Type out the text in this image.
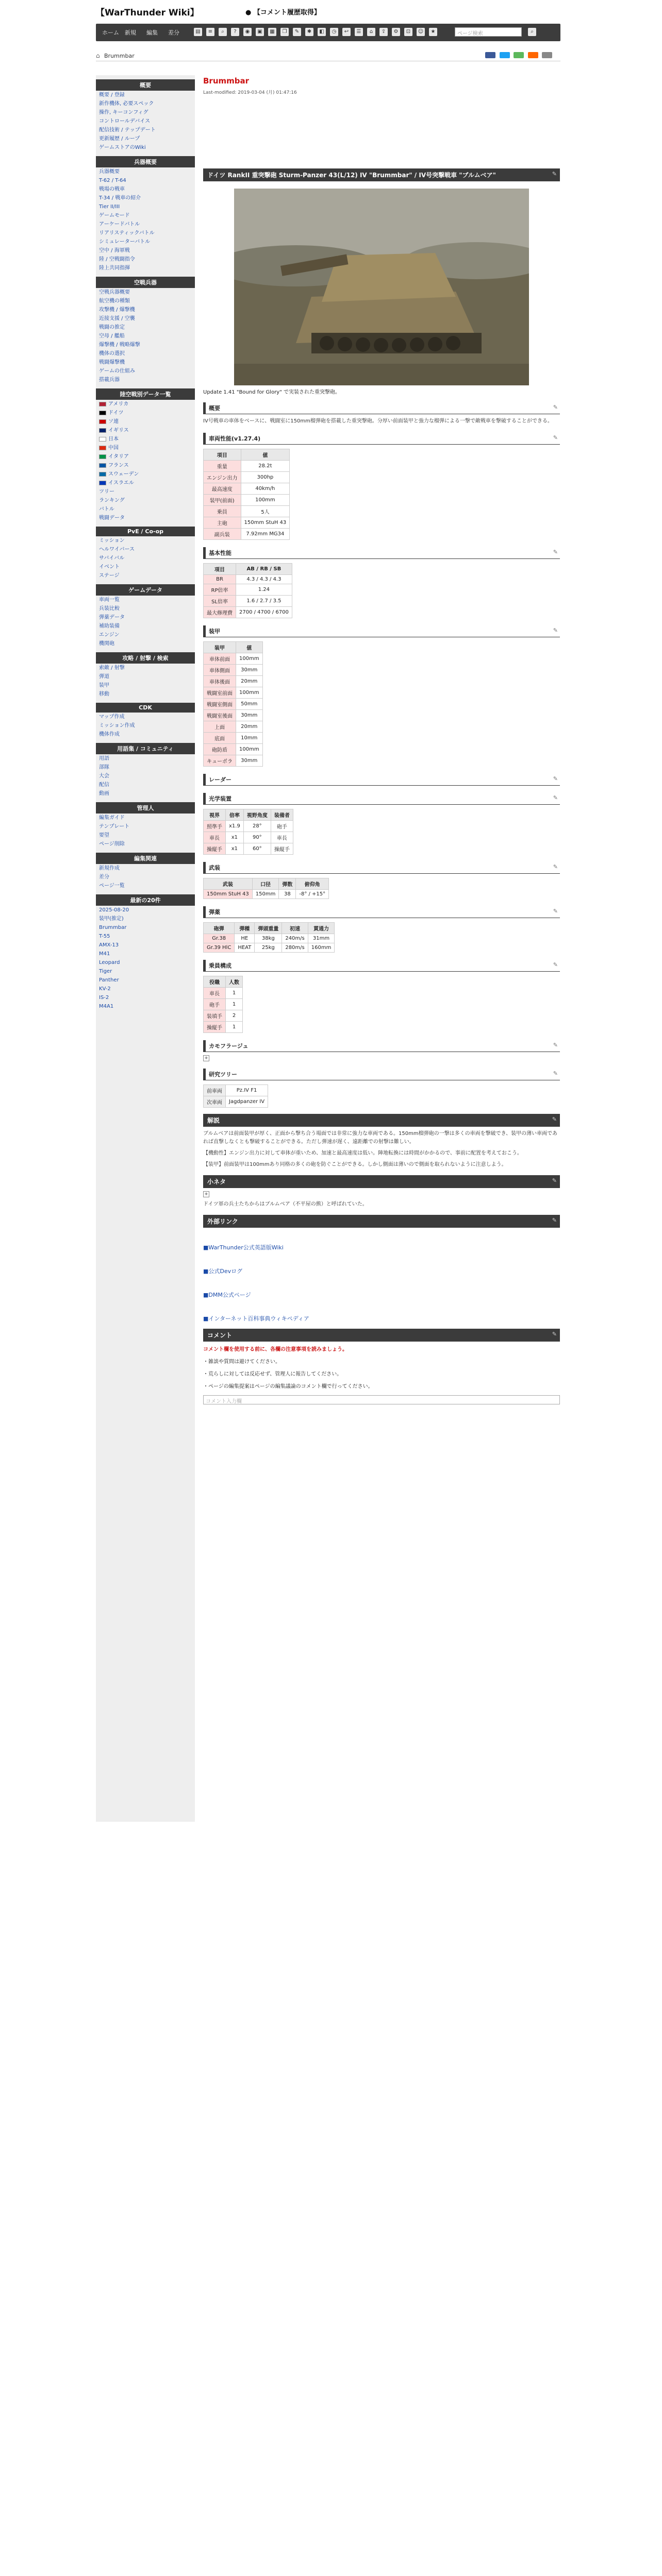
【WarThunder Wiki】	● 【コメント履歴取得】
ホーム 新規 編集 差分	▤	≡	⌕	?	◉	▣	▦	❐	✎	✱	◧	◷	↩	☰	⌂	⇪	⚙	⊡	☺	★	ページ検索	⌕
⌂ Brummbar

概要
概要 / 登録
新作機体, 必要スペック
操作, キーコンフィグ
コントロールデバイス
配信技術 / テップデート
更新履歴 / ループ
ゲームストアのWiki
兵器概要
兵器概要
T-62 / T-64
戦場の戦車
T-34 / 戦車の紹介
Tier II/III
ゲームモード
アーケードバトル
リアリスティックバトル
シミュレーターバトル
空中 / 海軍戦
陸 / 空戦闘指令
陸上共同指揮
空戦兵器
空戦兵器概要
航空機の種類
攻撃機 / 爆撃機
近接支援 / 空襲
戦闘の推定
空母 / 艦船
爆撃機 / 戦略爆撃
機体の選択
戦闘爆撃機
ゲームの仕組み
搭載兵器
陸空戦別データ一覧
アメリカ
ドイツ
ソ連
イギリス
日本
中国
イタリア
フランス
スウェーデン
イスラエル
ツリー
ランキング
バトル
戦闘データ
PvE / Co-op
ミッション
ヘルワイバース
サバイバル
イベント
ステージ
ゲームデータ
車両一覧
兵装比較
弾薬データ
補助装備
エンジン
機関砲
攻略 / 射撃 / 検索
索敵 / 射撃
弾道
装甲
移動
CDK
マップ作成
ミッション作成
機体作成
用語集 / コミュニティ
用語
部隊
大会
配信
動画
管理人
編集ガイド
テンプレート
要望
ページ削除
編集関連
新規作成
差分
ページ一覧
最新の20件
2025-08-20
装甲(推定)
Brummbar
T-55
AMX-13
M41
Leopard
Tiger
Panther
KV-2
IS-2
M4A1
Brummbar
Last-modified: 2019-03-04 (月) 01:47:16
ドイツ RankII 重突撃砲 Sturm-Panzer 43(L/12) IV "Brummbar" / IV号突撃戦車 "ブルムベア"	✎
Update 1.41 "Bound for Glory" で実装された重突撃砲。
概要	✎

IV号戦車の車体をベースに、戦闘室に150mm榴弾砲を搭載した重突撃砲。分厚い前面装甲と強力な榴弾による一撃で敵戦車を撃破することができる。

車両性能(v1.27.4)	✎
項目	値
重量	28.2t
エンジン出力	300hp
最高速度	40km/h
装甲(前面)	100mm
乗員	5人
主砲	150mm StuH 43
副兵装	7.92mm MG34
基本性能	✎
項目	AB / RB / SB
BR	4.3 / 4.3 / 4.3
RP倍率	1.24
SL倍率	1.6 / 2.7 / 3.5
最大修理費	2700 / 4700 / 6700
装甲	✎
装甲	値
車体前面	100mm
車体側面	30mm
車体後面	20mm
戦闘室前面	100mm
戦闘室側面	50mm
戦闘室後面	30mm
上面	20mm
底面	10mm
砲防盾	100mm
キューポラ	30mm
レーダー	✎
光学装置	✎
視界	倍率	視野角度	装備者
照準手	x1.9	28°	砲手
車長	x1	90°	車長
操縦手	x1	60°	操縦手
武装	✎
武装	口径	弾数	俯仰角
150mm StuH 43	150mm	38	-8° / +15°
弾薬	✎
砲弾	弾種	弾頭重量	初速	貫通力
Gr.38	HE	38kg	240m/s	31mm
Gr.39 HlC	HEAT	25kg	280m/s	160mm
乗員構成	✎
役職	人数
車長	1
砲手	1
装填手	2
操縦手	1
カモフラージュ	✎
+
研究ツリー	✎
前車両	Pz.IV F1
次車両	Jagdpanzer IV
解説	✎

ブルムベアは前面装甲が厚く、正面から撃ち合う場面では非常に強力な車両である。150mm榴弾砲の一撃は多くの車両を撃破でき、装甲の薄い車両であれば直撃しなくとも撃破することができる。ただし弾速が遅く、遠距離での射撃は難しい。

【機動性】エンジン出力に対して車体が重いため、加速と最高速度は低い。陣地転換には時間がかかるので、事前に配置を考えておこう。

【装甲】前面装甲は100mmあり同格の多くの砲を防ぐことができる。しかし側面は薄いので側面を取られないように注意しよう。

小ネタ	✎
+

ドイツ軍の兵士たちからはブルムベア（不平屋の熊）と呼ばれていた。

外部リンク	✎
■WarThunder公式英語版Wiki
■公式Devログ
■DMM公式ページ
■インターネット百科事典ウィキペディア
コメント	✎
コメント欄を使用する前に、各欄の注意事項を読みましょう。
・雑談や質問は避けてください。
・荒らしに対しては反応せず、管理人に報告してください。
・ページの編集提案はページの編集議論のコメント欄で行ってください。
コメント入力欄
